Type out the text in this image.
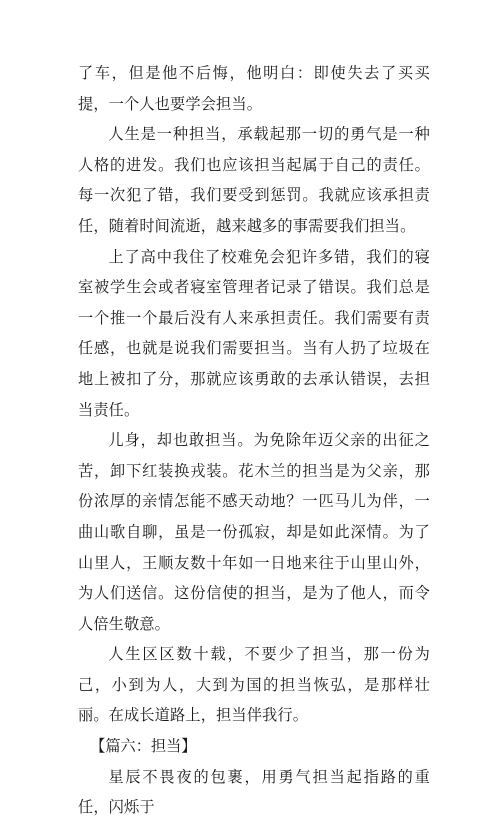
了车，但是他不后悔，他明白：即使失去了买买提，一个人也要学会担当。

人生是一种担当，承载起那一切的勇气是一种人格的进发。我们也应该担当起属于自己的责任。每一次犯了错，我们要受到惩罚。我就应该承担责任，随着时间流逝，越来越多的事需要我们担当。

上了高中我住了校难免会犯许多错，我们的寝室被学生会或者寝室管理者记录了错误。我们总是一个推一个最后没有人来承担责任。我们需要有责任感，也就是说我们需要担当。当有人扔了垃圾在地上被扣了分，那就应该勇敢的去承认错误，去担当责任。

儿身，却也敢担当。为免除年迈父亲的出征之苦，卸下红装换戎装。花木兰的担当是为父亲，那份浓厚的亲情怎能不感天动地？一匹马儿为伴，一曲山歌自聊，虽是一份孤寂，却是如此深情。为了山里人，王顺友数十年如一日地来往于山里山外，为人们送信。这份信使的担当，是为了他人，而令人倍生敬意。

人生区区数十载，不要少了担当，那一份为己，小到为人，大到为国的担当恢弘，是那样壮丽。在成长道路上，担当伴我行。

【篇六：担当】

星辰不畏夜的包裹，用勇气担当起指路的重任，闪烁于
